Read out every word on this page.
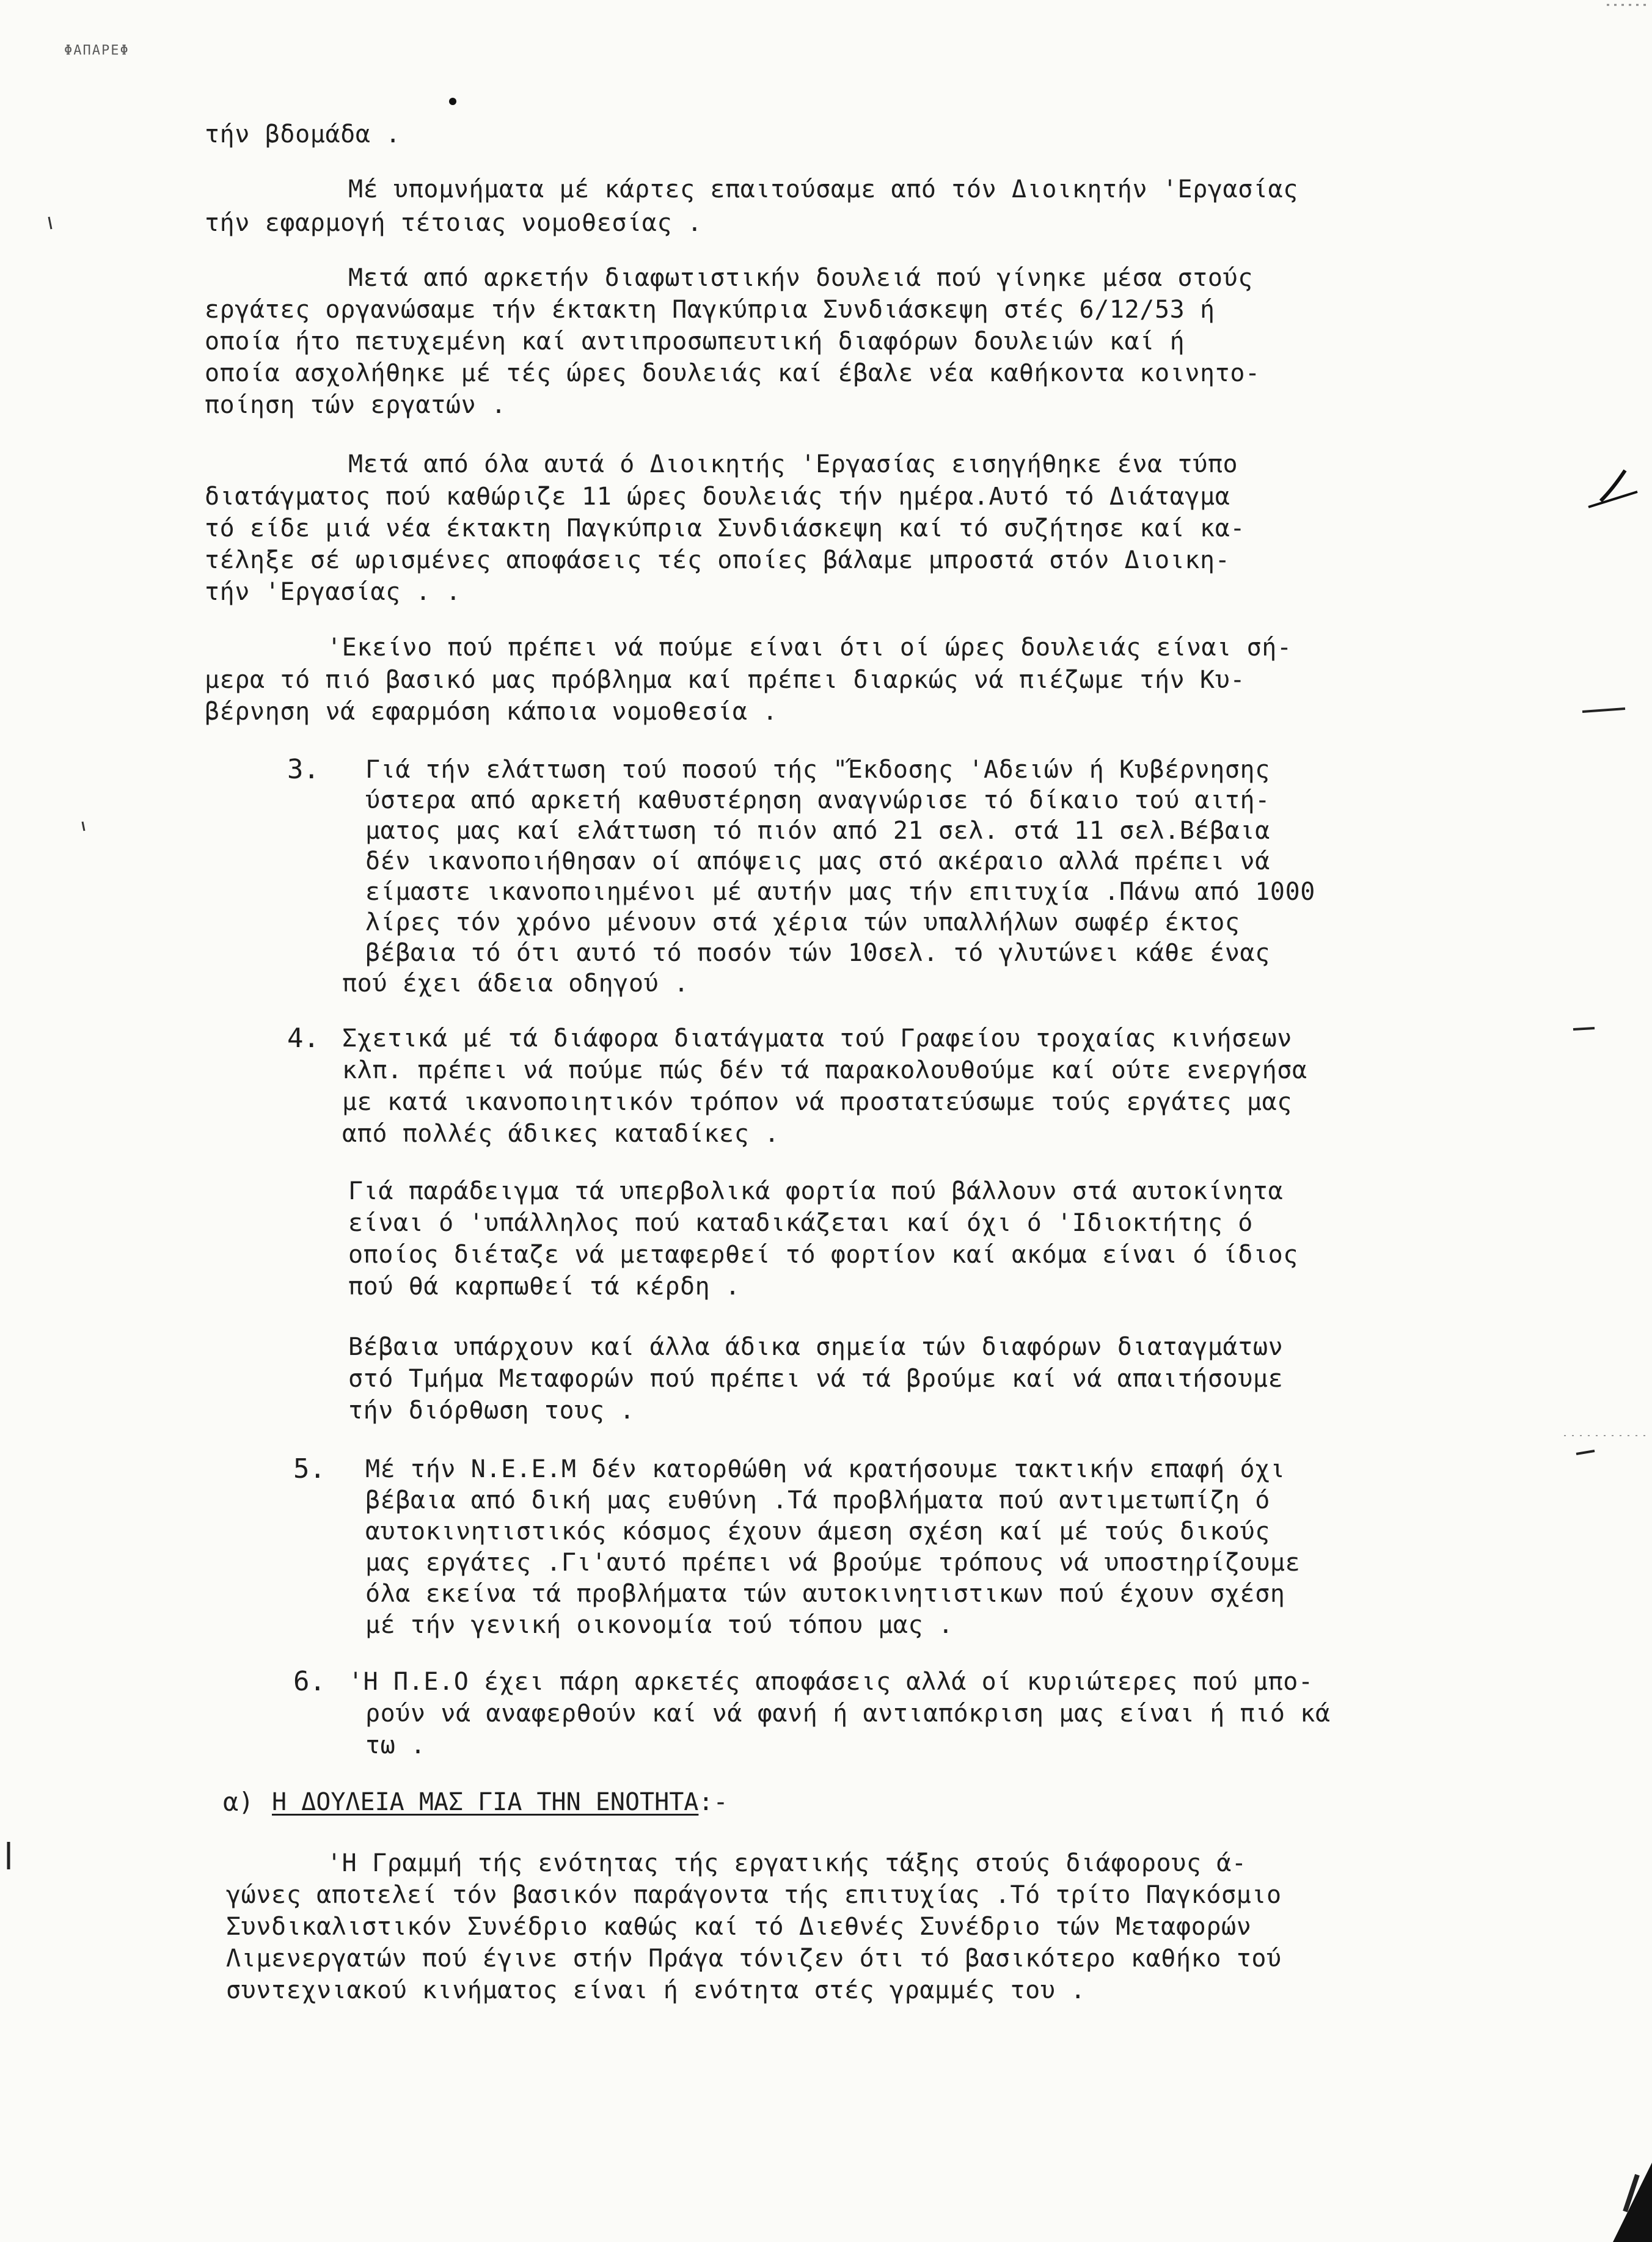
ΦΑΠΑΡΕΦ
τήν βδομάδα .
Μέ υπομνήματα μέ κάρτες επαιτούσαμε από τόν Διοικητήν 'Εργασίας
τήν εφαρμογή τέτοιας νομοθεσίας .
Μετά από αρκετήν διαφωτιστικήν δουλειά πού γίνηκε μέσα στούς
εργάτες οργανώσαμε τήν έκτακτη Παγκύπρια Συνδιάσκεψη στές 6/12/53 ή
οποία ήτο πετυχεμένη καί αντιπροσωπευτική διαφόρων δουλειών καί ή
οποία ασχολήθηκε μέ τές ώρες δουλειάς καί έβαλε νέα καθήκοντα κοινητο-
ποίηση τών εργατών .
Μετά από όλα αυτά ό Διοικητής 'Εργασίας εισηγήθηκε ένα τύπο
διατάγματος πού καθώριζε 11 ώρες δουλειάς τήν ημέρα.Αυτό τό Διάταγμα
τό είδε μιά νέα έκτακτη Παγκύπρια Συνδιάσκεψη καί τό συζήτησε καί κα-
τέληξε σέ ωρισμένες αποφάσεις τές οποίες βάλαμε μπροστά στόν Διοικη-
τήν 'Εργασίας . .
'Εκείνο πού πρέπει νά πούμε είναι ότι οί ώρες δουλειάς είναι σή-
μερα τό πιό βασικό μας πρόβλημα καί πρέπει διαρκώς νά πιέζωμε τήν Κυ-
βέρνηση νά εφαρμόση κάποια νομοθεσία .
3. Γιά τήν ελάττωση τού ποσού τής "Έκδοσης 'Αδειών ή Κυβέρνησης
ύστερα από αρκετή καθυστέρηση αναγνώρισε τό δίκαιο τού αιτή-
ματος μας καί ελάττωση τό πιόν από 21 σελ. στά 11 σελ.Βέβαια
δέν ικανοποιήθησαν οί απόψεις μας στό ακέραιο αλλά πρέπει νά
είμαστε ικανοποιημένοι μέ αυτήν μας τήν επιτυχία .Πάνω από 1000
λίρες τόν χρόνο μένουν στά χέρια τών υπαλλήλων σωφέρ έκτος
βέβαια τό ότι αυτό τό ποσόν τών 10σελ. τό γλυτώνει κάθε ένας
πού έχει άδεια οδηγού .
4. Σχετικά μέ τά διάφορα διατάγματα τού Γραφείου τροχαίας κινήσεων
κλπ. πρέπει νά πούμε πώς δέν τά παρακολουθούμε καί ούτε ενεργήσα
με κατά ικανοποιητικόν τρόπον νά προστατεύσωμε τούς εργάτες μας
από πολλές άδικες καταδίκες .
Γιά παράδειγμα τά υπερβολικά φορτία πού βάλλουν στά αυτοκίνητα
είναι ό 'υπάλληλος πού καταδικάζεται καί όχι ό 'Ιδιοκτήτης ό
οποίος διέταζε νά μεταφερθεί τό φορτίον καί ακόμα είναι ό ίδιος
πού θά καρπωθεί τά κέρδη .
Βέβαια υπάρχουν καί άλλα άδικα σημεία τών διαφόρων διαταγμάτων
στό Τμήμα Μεταφορών πού πρέπει νά τά βρούμε καί νά απαιτήσουμε
τήν διόρθωση τους .
5. Μέ τήν Ν.Ε.Ε.Μ δέν κατορθώθη νά κρατήσουμε τακτικήν επαφή όχι
βέβαια από δική μας ευθύνη .Τά προβλήματα πού αντιμετωπίζη ό
αυτοκινητιστικός κόσμος έχουν άμεση σχέση καί μέ τούς δικούς
μας εργάτες .Γι'αυτό πρέπει νά βρούμε τρόπους νά υποστηρίζουμε
όλα εκείνα τά προβλήματα τών αυτοκινητιστικων πού έχουν σχέση
μέ τήν γενική οικονομία τού τόπου μας .
6. 'Η Π.Ε.Ο έχει πάρη αρκετές αποφάσεις αλλά οί κυριώτερες πού μπο-
ρούν νά αναφερθούν καί νά φανή ή αντιαπόκριση μας είναι ή πιό κά
τω .
α) Η ΔΟΥΛΕΙΑ ΜΑΣ ΓΙΑ ΤΗΝ ΕΝΟΤΗΤΑ:-
'Η Γραμμή τής ενότητας τής εργατικής τάξης στούς διάφορους ά-
γώνες αποτελεί τόν βασικόν παράγοντα τής επιτυχίας .Τό τρίτο Παγκόσμιο
Συνδικαλιστικόν Συνέδριο καθώς καί τό Διεθνές Συνέδριο τών Μεταφορών
Λιμενεργατών πού έγινε στήν Πράγα τόνιζεν ότι τό βασικότερο καθήκο τού
συντεχνιακού κινήματος είναι ή ενότητα στές γραμμές του .
